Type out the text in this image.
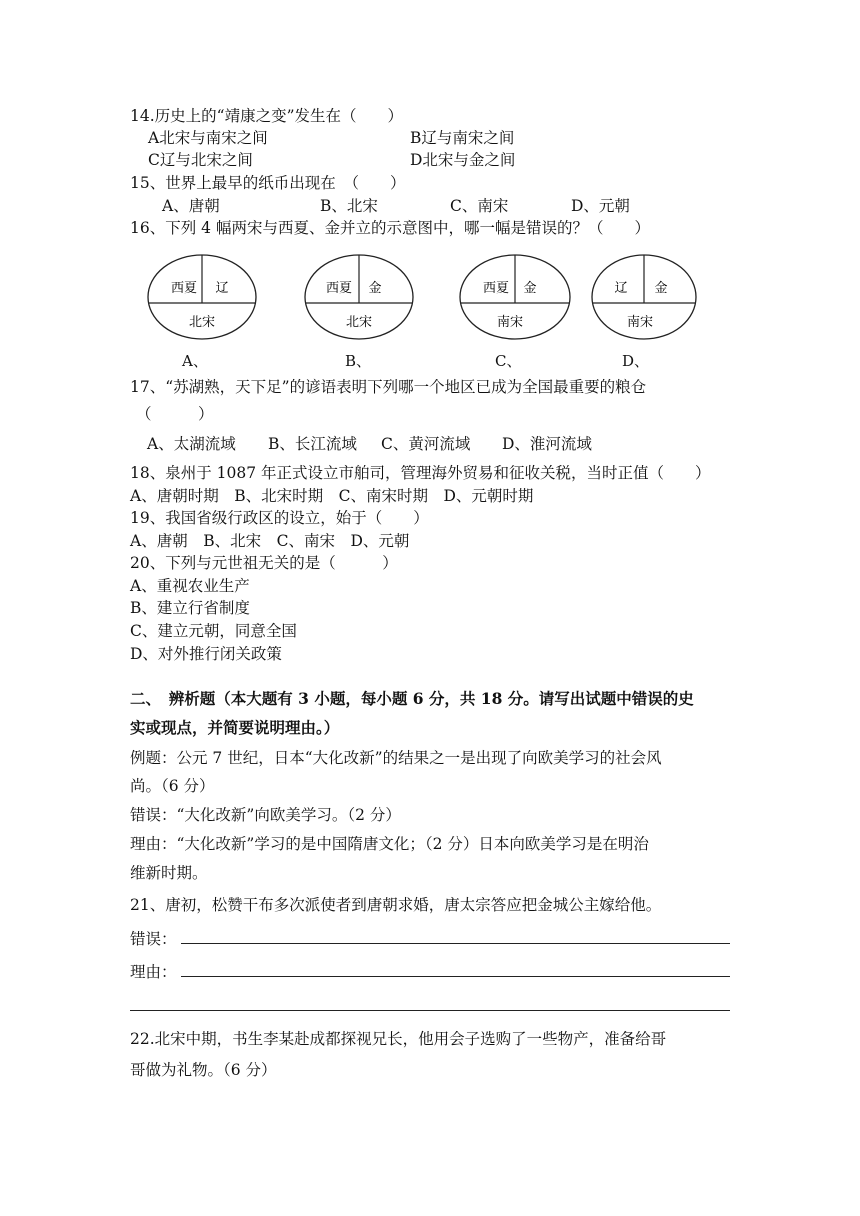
14.历史上的“靖康之变”发生在（　　）
A北宋与南宋之间	B辽与南宋之间
C辽与北宋之间	D北宋与金之间
15、世界上最早的纸币出现在　（　　）
A、唐朝	B、北宋	C、南宋	D、元朝
16、下列 4 幅两宋与西夏、金并立的示意图中，哪一幅是错误的？（　　）
西夏 辽
北宋
A、
西夏 金
北宋
B、
西夏 金
南宋
C、
辽 金
南宋
D、
17、“苏湖熟，天下足”的谚语表明下列哪一个地区已成为全国最重要的粮仓
（　　　）
A、太湖流域 B、长江流域 C、黄河流域 D、淮河流域
18、泉州于 1087 年正式设立市舶司，管理海外贸易和征收关税，当时正值（　　）
A、唐朝时期　B、北宋时期　C、南宋时期　D、元朝时期
19、我国省级行政区的设立，始于（　　）
A、唐朝　B、北宋　C、南宋　D、元朝
20、下列与元世祖无关的是（　　　）
A、重视农业生产
B、建立行省制度
C、建立元朝，同意全国
D、对外推行闭关政策
二、　辨析题（本大题有 3 小题，每小题 6 分，共 18 分。请写出试题中错误的史
实或现点，并简要说明理由。）
例题：公元 7 世纪，日本“大化改新”的结果之一是出现了向欧美学习的社会风
尚。（6 分）
错误：“大化改新”向欧美学习。（2 分）
理由：“大化改新”学习的是中国隋唐文化；（2 分）日本向欧美学习是在明治
维新时期。
21、唐初，松赞干布多次派使者到唐朝求婚，唐太宗答应把金城公主嫁给他。
错误：
理由：
22.北宋中期，书生李某赴成都探视兄长，他用会子选购了一些物产，准备给哥
哥做为礼物。（6 分）
